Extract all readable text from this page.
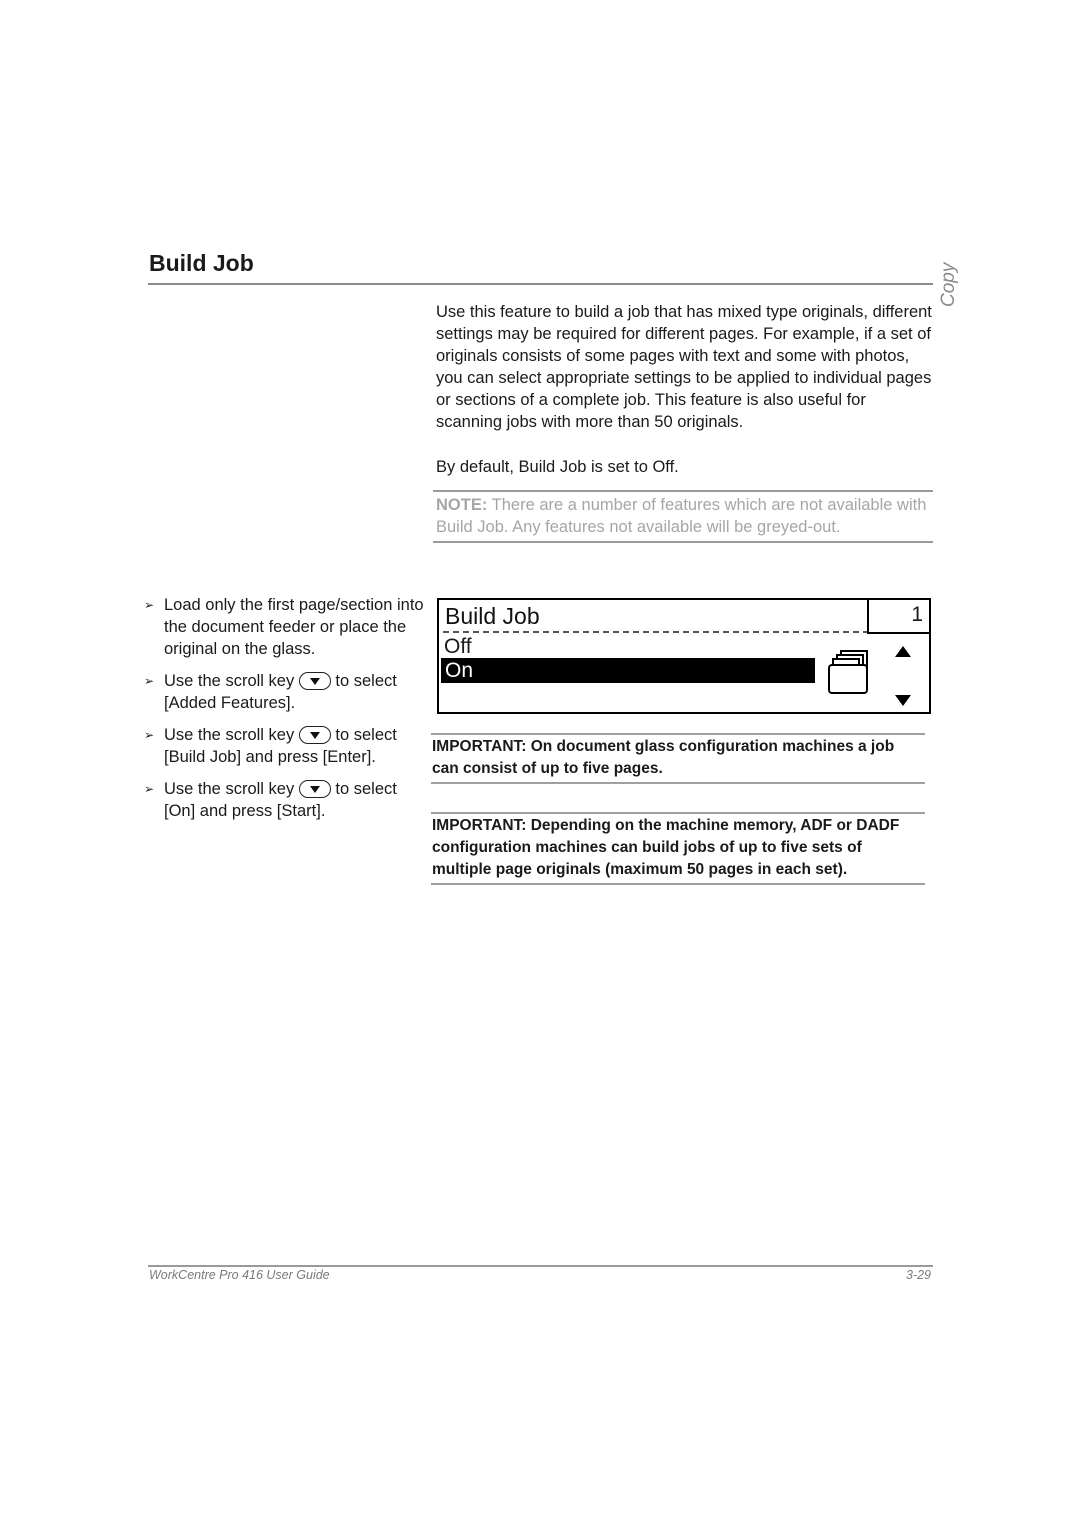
Build Job	Copy

Use this feature to build a job that has mixed type originals, different settings may be required for different pages. For example, if a set of originals consists of some pages with text and some with photos, you can select appropriate settings to be applied to individual pages or sections of a complete job. This feature is also useful for scanning jobs with more than 50 originals.

By default, Build Job is set to Off.

NOTE: There are a number of features which are not available with Build Job. Any features not available will be greyed-out.
➢ Load only the first page/section into the document feeder or place the original on the glass.
➢ Use the scroll key to select [Added Features].
➢ Use the scroll key to select [Build Job] and press [Enter].
➢ Use the scroll key to select [On] and press [Start].
Build Job	1
Off
On

IMPORTANT: On document glass configuration machines a job can consist of up to five pages.

IMPORTANT: Depending on the machine memory, ADF or DADF configuration machines can build jobs of up to five sets of multiple page originals (maximum 50 pages in each set).

WorkCentre Pro 416 User Guide	3-29
